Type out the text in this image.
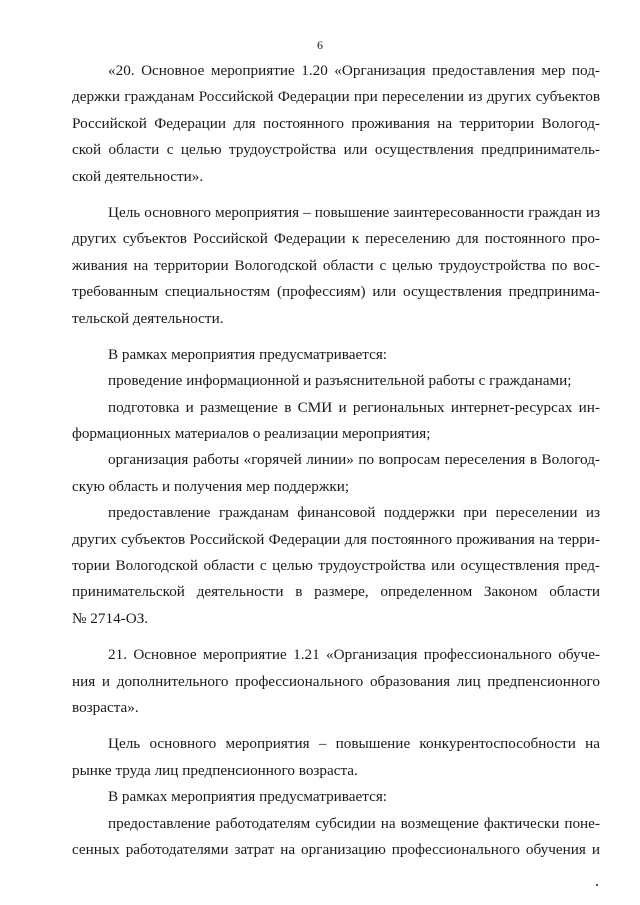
6
«20. Основное мероприятие 1.20 «Организация предоставления мер под-
держки гражданам Российской Федерации при переселении из других субъектов
Российской Федерации для постоянного проживания на территории Вологод-
ской области с целью трудоустройства или осуществления предприниматель-
ской деятельности».
Цель основного мероприятия – повышение заинтересованности граждан из
других субъектов Российской Федерации к переселению для постоянного про-
живания на территории Вологодской области с целью трудоустройства по вос-
требованным специальностям (профессиям) или осуществления предпринима-
тельской деятельности.
В рамках мероприятия предусматривается:
проведение информационной и разъяснительной работы с гражданами;
подготовка и размещение в СМИ и региональных интернет-ресурсах ин-
формационных материалов о реализации мероприятия;
организация работы «горячей линии» по вопросам переселения в Вологод-
скую область и получения мер поддержки;
предоставление гражданам финансовой поддержки при переселении из
других субъектов Российской Федерации для постоянного проживания на терри-
тории Вологодской области с целью трудоустройства или осуществления пред-
принимательской деятельности в размере, определенном Законом области
№ 2714-ОЗ.
21. Основное мероприятие 1.21 «Организация профессионального обуче-
ния и дополнительного профессионального образования лиц предпенсионного
возраста».
Цель основного мероприятия – повышение конкурентоспособности на
рынке труда лиц предпенсионного возраста.
В рамках мероприятия предусматривается:
предоставление работодателям субсидии на возмещение фактически поне-
сенных работодателями затрат на организацию профессионального обучения и
